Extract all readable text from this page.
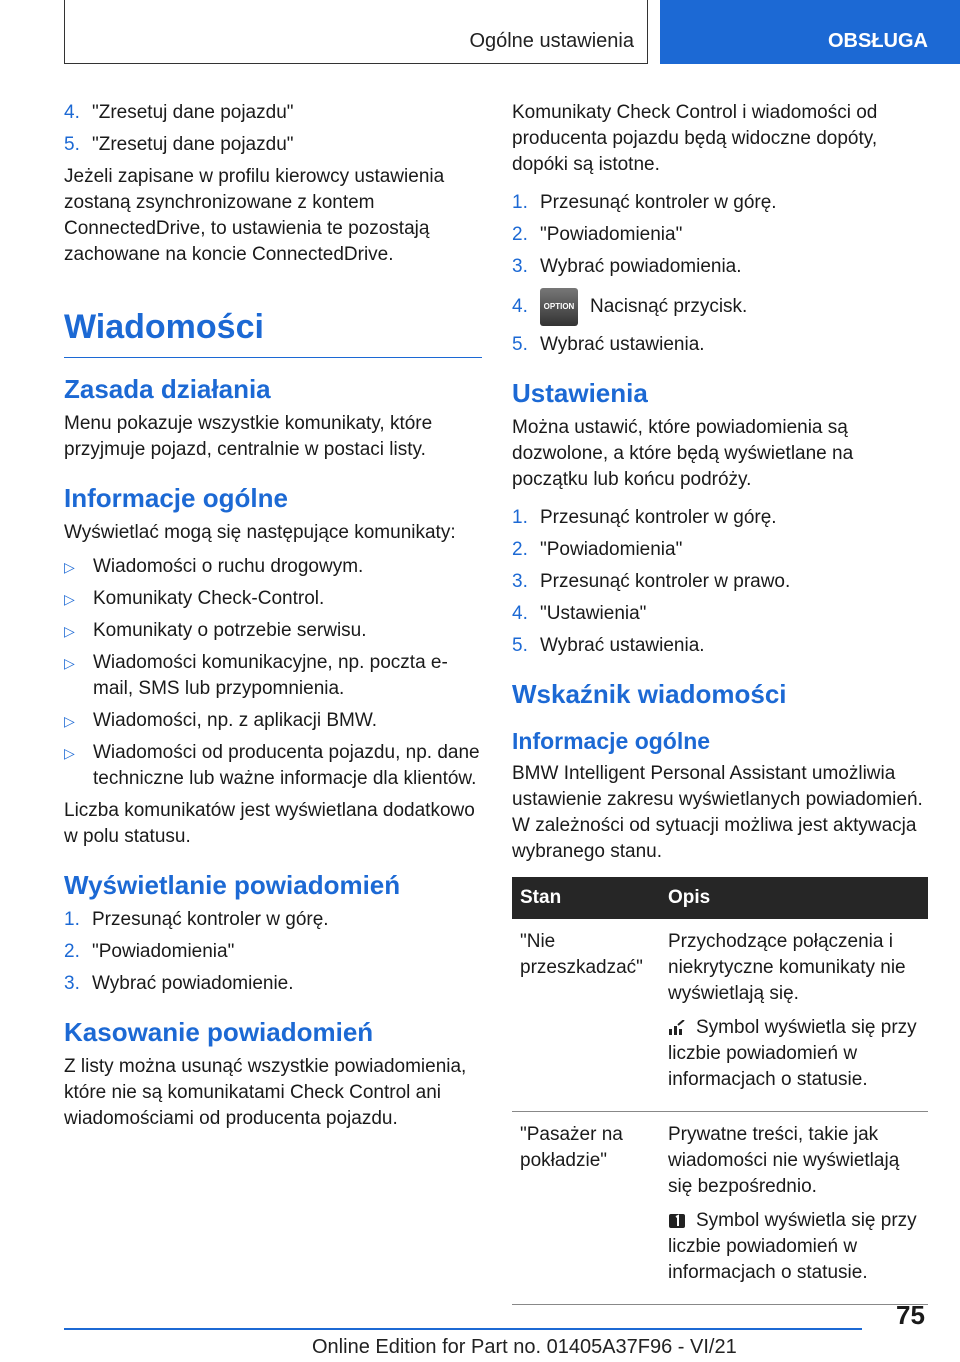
Ogólne ustawienia	OBSŁUGA
4. "Zresetuj dane pojazdu"
5. "Zresetuj dane pojazdu"

Jeżeli zapisane w profilu kierowcy ustawienia zostaną zsynchronizowane z kontem ConnectedDrive, to ustawienia te pozostają zachowane na koncie ConnectedDrive.

Wiadomości
Zasada działania

Menu pokazuje wszystkie komunikaty, które przyjmuje pojazd, centralnie w postaci listy.

Informacje ogólne

Wyświetlać mogą się następujące komunikaty:

▷ Wiadomości o ruchu drogowym.
▷ Komunikaty Check-Control.
▷ Komunikaty o potrzebie serwisu.
▷ Wiadomości komunikacyjne, np. poczta e-mail, SMS lub przypomnienia.
▷ Wiadomości, np. z aplikacji BMW.
▷ Wiadomości od producenta pojazdu, np. dane techniczne lub ważne informacje dla klientów.

Liczba komunikatów jest wyświetlana dodatkowo w polu statusu.

Wyświetlanie powiadomień
1. Przesunąć kontroler w górę.
2. "Powiadomienia"
3. Wybrać powiadomienie.
Kasowanie powiadomień

Z listy można usunąć wszystkie powiadomienia, które nie są komunikatami Check Control ani wiadomościami od producenta pojazdu.

Komunikaty Check Control i wiadomości od producenta pojazdu będą widoczne dopóty, dopóki są istotne.

1. Przesunąć kontroler w górę.
2. "Powiadomienia"
3. Wybrać powiadomienia.
4.	OPTION Nacisnąć przycisk.
5. Wybrać ustawienia.
Ustawienia

Można ustawić, które powiadomienia są dozwolone, a które będą wyświetlane na początku lub końcu podróży.

1. Przesunąć kontroler w górę.
2. "Powiadomienia"
3. Przesunąć kontroler w prawo.
4. "Ustawienia"
5. Wybrać ustawienia.
Wskaźnik wiadomości
Informacje ogólne

BMW Intelligent Personal Assistant umożliwia ustawienie zakresu wyświetlanych powiadomień. W zależności od sytuacji możliwa jest aktywacja wybranego stanu.

Stan	Opis
"Nie przeszkadzać"	Przychodzące połączenia i niekrytyczne komunikaty nie wyświetlają się.

Symbol wyświetla się przy liczbie powiadomień w informacjach o statusie.

"Pasażer na pokładzie"	Prywatne treści, takie jak wiadomości nie wyświetlają się bezpośrednio.

Symbol wyświetla się przy liczbie powiadomień w informacjach o statusie.

75
Online Edition for Part no. 01405A37F96 - VI/21
